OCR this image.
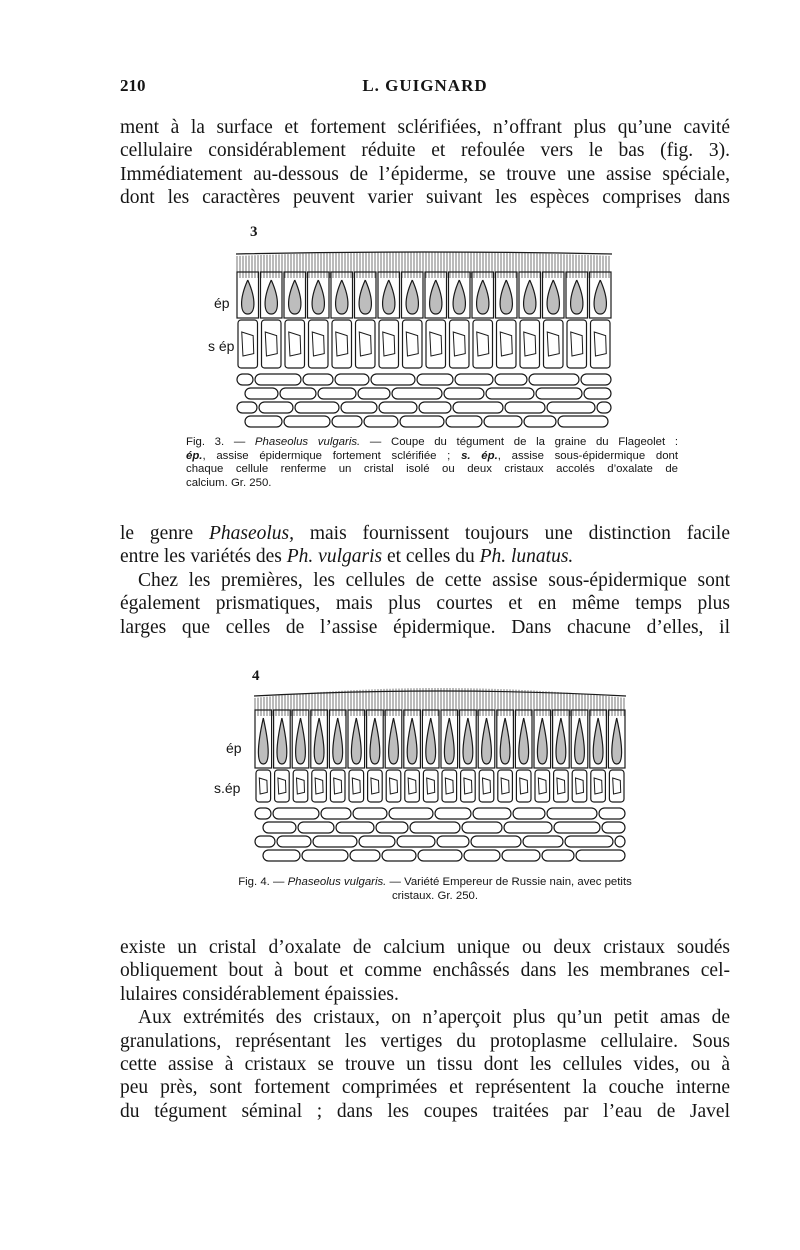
210	L. GUIGNARD
ment à la surface et fortement sclérifiées, n’offrant plus qu’une cavité
cellulaire considérablement réduite et refoulée vers le bas (fig. 3).
Immédiatement au-dessous de l’épiderme, se trouve une assise spéciale,
dont les caractères peuvent varier suivant les espèces comprises dans
3
ép
s ép
Fig. 3. — Phaseolus vulgaris. — Coupe du tégument de la graine du Flageolet :
ép., assise épidermique fortement sclérifiée ; s. ép., assise sous-épidermique dont
chaque cellule renferme un cristal isolé ou deux cristaux accolés d’oxalate de
calcium. Gr. 250.
le genre Phaseolus, mais fournissent toujours une distinction facile
entre les variétés des Ph. vulgaris et celles du Ph. lunatus.
Chez les premières, les cellules de cette assise sous-épidermique sont
également prismatiques, mais plus courtes et en même temps plus
larges que celles de l’assise épidermique. Dans chacune d’elles, il
4
ép
s.ép
Fig. 4. — Phaseolus vulgaris. — Variété Empereur de Russie nain, avec petits
cristaux. Gr. 250.
existe un cristal d’oxalate de calcium unique ou deux cristaux soudés
obliquement bout à bout et comme enchâssés dans les membranes cel-
lulaires considérablement épaissies.
Aux extrémités des cristaux, on n’aperçoit plus qu’un petit amas de
granulations, représentant les vertiges du protoplasme cellulaire. Sous
cette assise à cristaux se trouve un tissu dont les cellules vides, ou à
peu près, sont fortement comprimées et représentent la couche interne
du tégument séminal ; dans les coupes traitées par l’eau de Javel
